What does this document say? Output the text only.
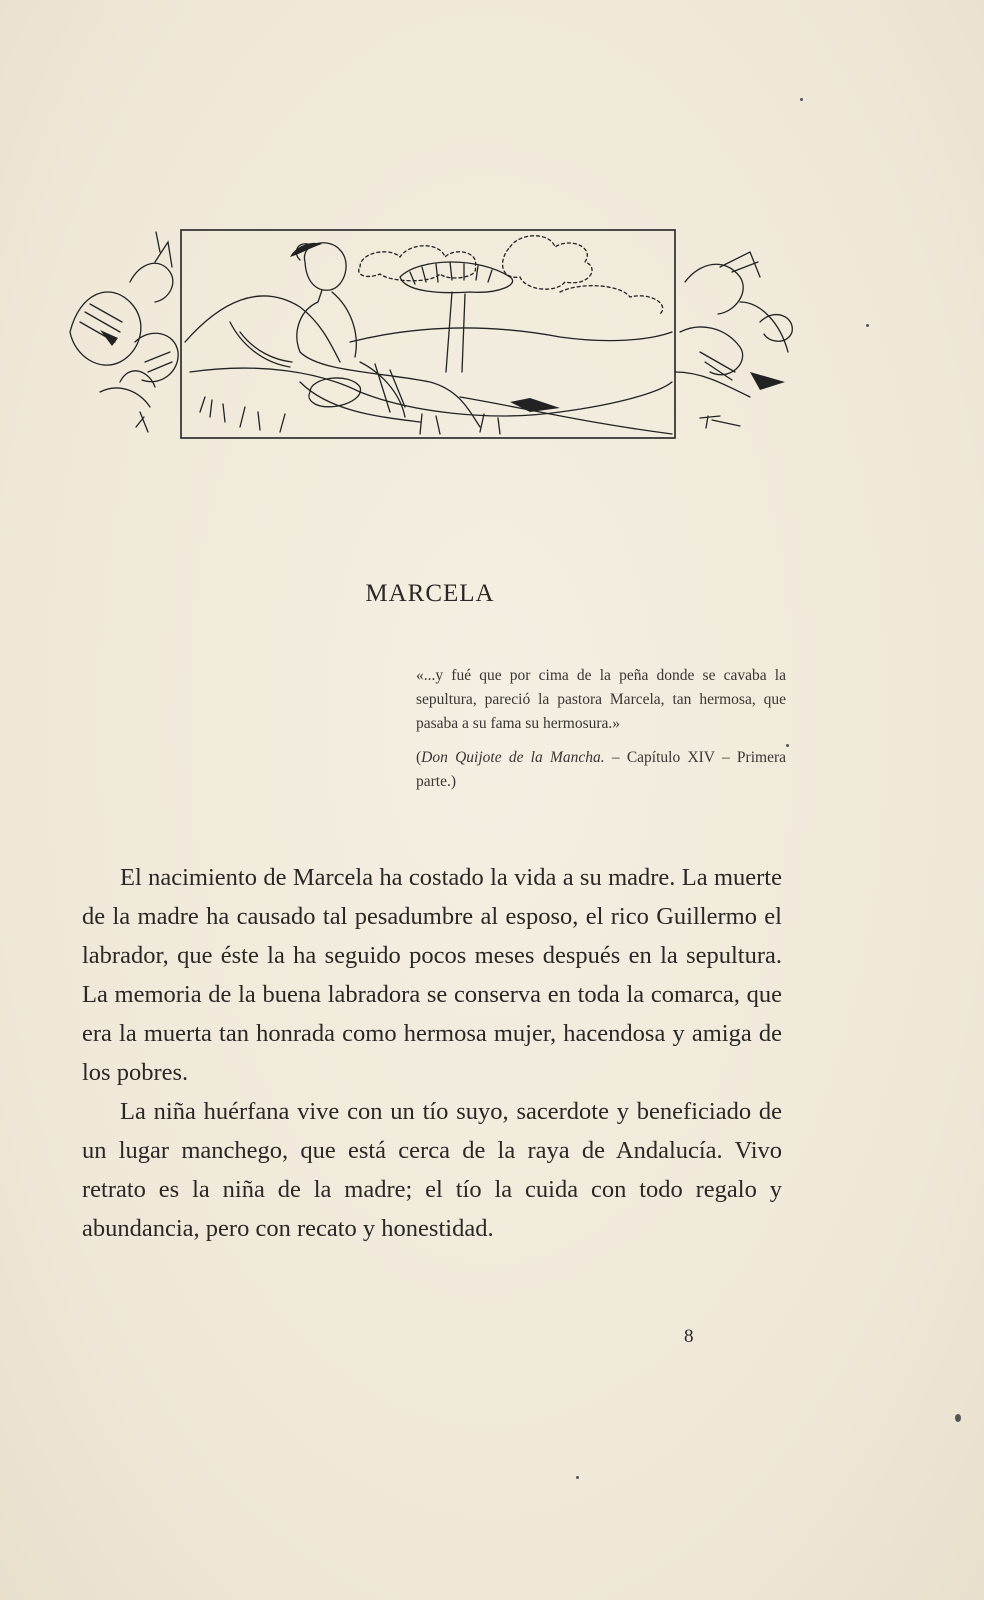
MARCELA

«...y fué que por cima de la peña donde se cavaba la sepultura, pareció la pastora Marcela, tan hermosa, que pasaba a su fama su hermosura.»

(Don Quijote de la Mancha. – Capítulo XIV – Primera parte.)

El nacimiento de Marcela ha costado la vida a su madre. La muerte de la madre ha causado tal pesadumbre al esposo, el rico Guillermo el labrador, que éste la ha seguido pocos meses después en la sepultura. La memoria de la buena labradora se conserva en toda la comarca, que era la muerta tan honrada como hermosa mujer, hacendosa y amiga de los pobres.

La niña huérfana vive con un tío suyo, sacerdote y beneficiado de un lugar manchego, que está cerca de la raya de Andalucía. Vivo retrato es la niña de la madre; el tío la cuida con todo regalo y abundancia, pero con recato y honestidad.

8
